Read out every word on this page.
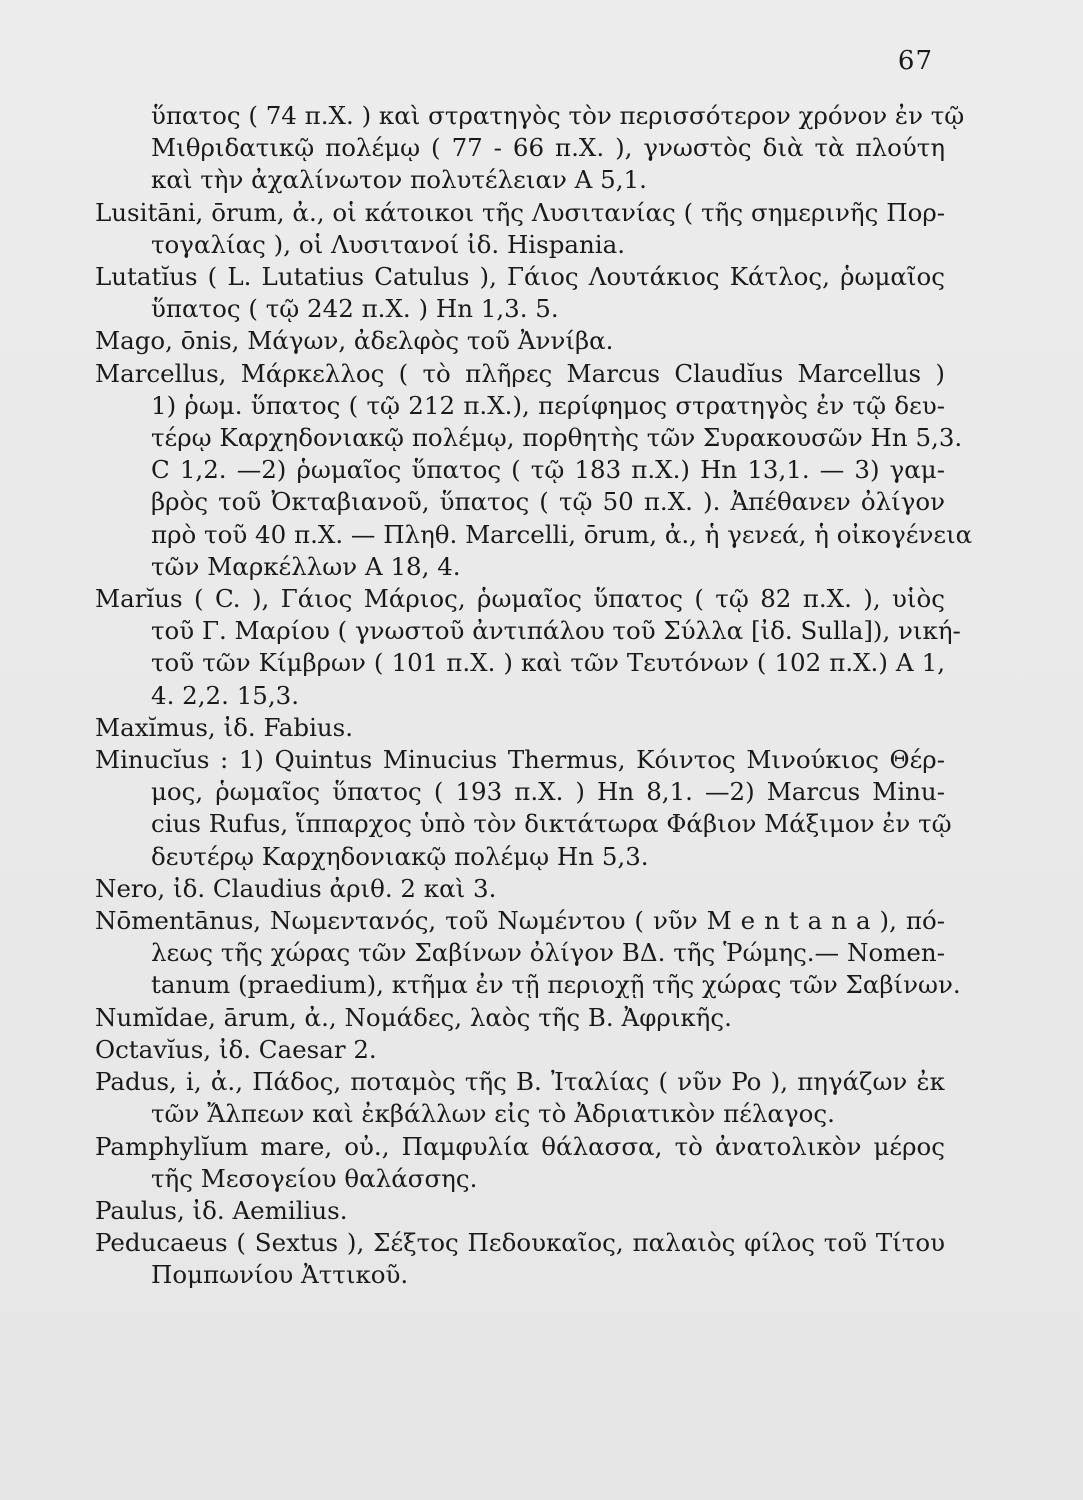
67
ὕπατος ( 74 π.Χ. ) καὶ στρατηγὸς τὸν περισσότερον χρόνον ἐν τῷ
Μιθριδατικῷ πολέμῳ ( 77 - 66 π.Χ. ), γνωστὸς διὰ τὰ πλούτη
καὶ τὴν ἀχαλίνωτον πολυτέλειαν Α 5,1.
Lusitāni, ōrum, ἀ., οἱ κάτοικοι τῆς Λυσιτανίας ( τῆς σημερινῆς Πορ-
τογαλίας ), οἱ Λυσιτανοί ἰδ. Hispania.
Lutatĭus ( L. Lutatius Catulus ), Γάιος Λουτάκιος Κάτλος, ῥωμαῖος
ὕπατος ( τῷ 242 π.Χ. ) Hn 1,3. 5.
Mago, ōnis, Μάγων, ἀδελφὸς τοῦ Ἀννίβα.
Marcellus, Μάρκελλος ( τὸ πλῆρες Marcus Claudĭus Marcellus )
1) ῥωμ. ὕπατος ( τῷ 212 π.Χ.), περίφημος στρατηγὸς ἐν τῷ δευ-
τέρῳ Καρχηδονιακῷ πολέμῳ, πορθητὴς τῶν Συρακουσῶν Hn 5,3.
C 1,2. —2) ῥωμαῖος ὕπατος ( τῷ 183 π.Χ.) Hn 13,1. — 3) γαμ-
βρὸς τοῦ Ὀκταβιανοῦ, ὕπατος ( τῷ 50 π.Χ. ). Ἀπέθανεν ὀλίγον
πρὸ τοῦ 40 π.Χ. — Πληθ. Marcelli, ōrum, ἀ., ἡ γενεά, ἡ οἰκογένεια
τῶν Μαρκέλλων Α 18, 4.
Marĭus ( C. ), Γάιος Μάριος, ῥωμαῖος ὕπατος ( τῷ 82 π.Χ. ), υἱὸς
τοῦ Γ. Μαρίου ( γνωστοῦ ἀντιπάλου τοῦ Σύλλα [ἰδ. Sulla]), νική-
τοῦ τῶν Κίμβρων ( 101 π.Χ. ) καὶ τῶν Τευτόνων ( 102 π.Χ.) Α 1,
4. 2,2. 15,3.
Maxĭmus, ἰδ. Fabius.
Minucĭus : 1) Quintus Minucius Thermus, Κόιντος Μινούκιος Θέρ-
μος, ῥωμαῖος ὕπατος ( 193 π.Χ. ) Hn 8,1. —2) Marcus Minu-
cius Rufus, ἵππαρχος ὑπὸ τὸν δικτάτωρα Φάβιον Μάξιμον ἐν τῷ
δευτέρῳ Καρχηδονιακῷ πολέμῳ Hn 5,3.
Nero, ἰδ. Claudius ἀριθ. 2 καὶ 3.
Nōmentānus, Νωμεντανός, τοῦ Νωμέντου ( νῦν M e n t a n a ), πό-
λεως τῆς χώρας τῶν Σαβίνων ὀλίγον ΒΔ. τῆς Ῥώμης.— Nomen-
tanum (praedium), κτῆμα ἐν τῇ περιοχῇ τῆς χώρας τῶν Σαβίνων.
Numĭdae, ārum, ἀ., Νομάδες, λαὸς τῆς Β. Ἀφρικῆς.
Octavĭus, ἰδ. Caesar 2.
Padus, i, ἀ., Πάδος, ποταμὸς τῆς Β. Ἰταλίας ( νῦν Po ), πηγάζων ἐκ
τῶν Ἄλπεων καὶ ἐκβάλλων εἰς τὸ Ἀδριατικὸν πέλαγος.
Pamphylĭum mare, οὐ., Παμφυλία θάλασσα, τὸ ἀνατολικὸν μέρος
τῆς Μεσογείου θαλάσσης.
Paulus, ἰδ. Aemilius.
Peducaeus ( Sextus ), Σέξτος Πεδουκαῖος, παλαιὸς φίλος τοῦ Τίτου
Πομπωνίου Ἀττικοῦ.
